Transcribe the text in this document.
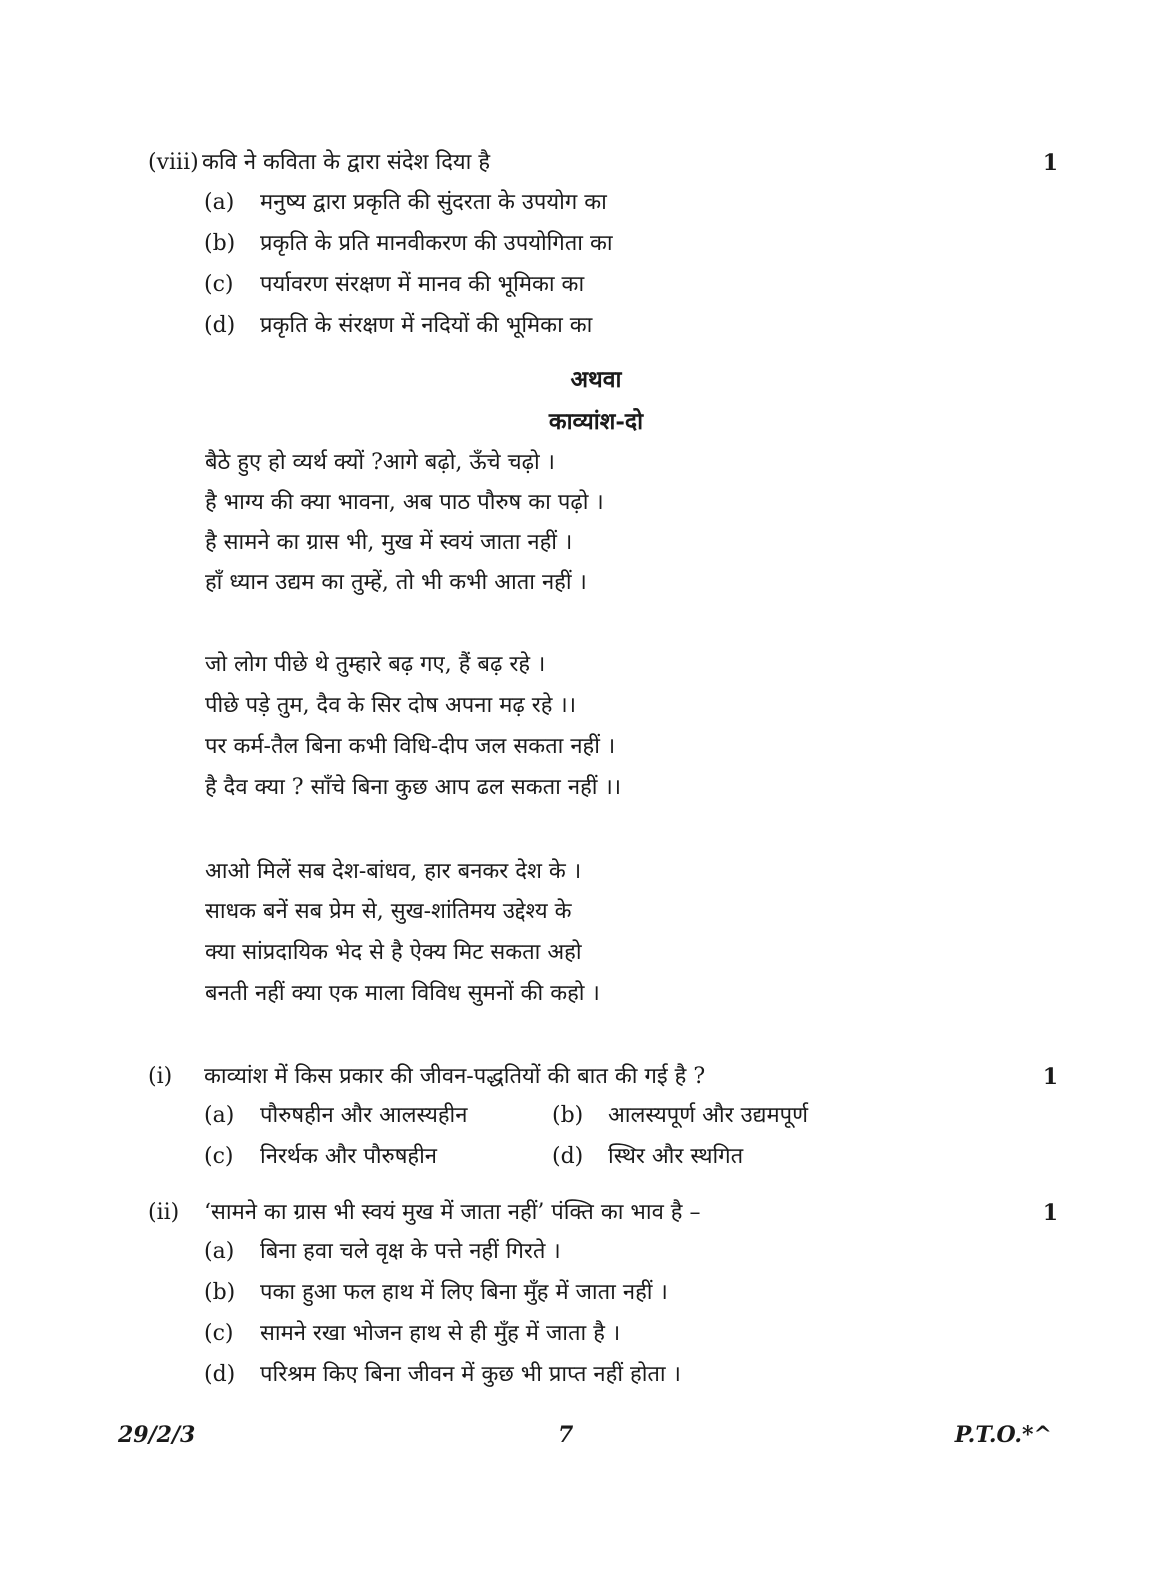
(viii) कवि ने कविता के द्वारा संदेश दिया है	1
(a) मनुष्य द्वारा प्रकृति की सुंदरता के उपयोग का
(b) प्रकृति के प्रति मानवीकरण की उपयोगिता का
(c) पर्यावरण संरक्षण में मानव की भूमिका का
(d) प्रकृति के संरक्षण में नदियों की भूमिका का
अथवा
काव्यांश-दो
बैठे हुए हो व्यर्थ क्यों ?आगे बढ़ो, ऊँचे चढ़ो ।
है भाग्य की क्या भावना, अब पाठ पौरुष का पढ़ो ।
है सामने का ग्रास भी, मुख में स्वयं जाता नहीं ।
हाँ ध्यान उद्यम का तुम्हें, तो भी कभी आता नहीं ।
जो लोग पीछे थे तुम्हारे बढ़ गए, हैं बढ़ रहे ।
पीछे पड़े तुम, दैव के सिर दोष अपना मढ़ रहे ।।
पर कर्म-तैल बिना कभी विधि-दीप जल सकता नहीं ।
है दैव क्या ? साँचे बिना कुछ आप ढल सकता नहीं ।।
आओ मिलें सब देश-बांधव, हार बनकर देश के ।
साधक बनें सब प्रेम से, सुख-शांतिमय उद्देश्य के
क्या सांप्रदायिक भेद से है ऐक्य मिट सकता अहो
बनती नहीं क्या एक माला विविध सुमनों की कहो ।
(i) काव्यांश में किस प्रकार की जीवन-पद्धतियों की बात की गई है ?	1
(a) पौरुषहीन और आलस्यहीन	(b) आलस्यपूर्ण और उद्यमपूर्ण
(c) निरर्थक और पौरुषहीन	(d) स्थिर और स्थगित
(ii) ‘सामने का ग्रास भी स्वयं मुख में जाता नहीं’ पंक्ति का भाव है –	1
(a) बिना हवा चले वृक्ष के पत्ते नहीं गिरते ।
(b) पका हुआ फल हाथ में लिए बिना मुँह में जाता नहीं ।
(c) सामने रखा भोजन हाथ से ही मुँह में जाता है ।
(d) परिश्रम किए बिना जीवन में कुछ भी प्राप्त नहीं होता ।
29/2/3	7	P.T.O.*^
